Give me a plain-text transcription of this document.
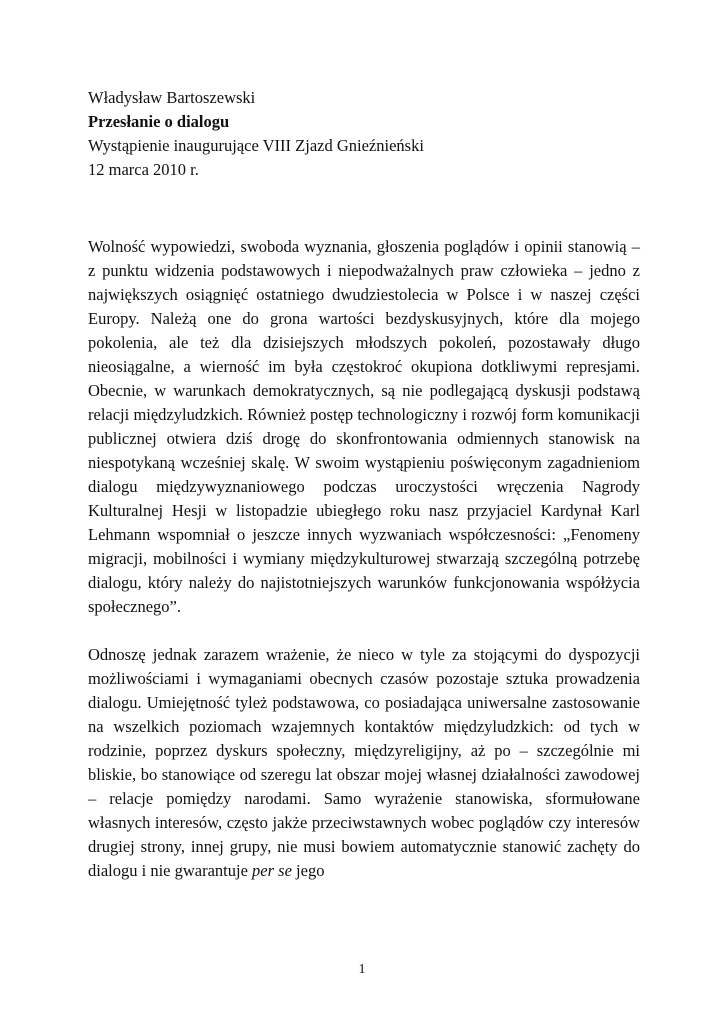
Władysław Bartoszewski
Przesłanie o dialogu
Wystąpienie inaugurujące VIII Zjazd Gnieźnieński
12 marca 2010 r.

Wolność wypowiedzi, swoboda wyznania, głoszenia poglądów i opinii stanowią – z punktu widzenia podstawowych i niepodważalnych praw człowieka – jedno z największych osiągnięć ostatniego dwudziestolecia w Polsce i w naszej części Europy. Należą one do grona wartości bezdyskusyjnych, które dla mojego pokolenia, ale też dla dzisiejszych młodszych pokoleń, pozostawały długo nieosiągalne, a wierność im była częstokroć okupiona dotkliwymi represjami. Obecnie, w warunkach demokratycznych, są nie podlegającą dyskusji podstawą relacji międzyludzkich. Również postęp technologiczny i rozwój form komunikacji publicznej otwiera dziś drogę do skonfrontowania odmiennych stanowisk na niespotykaną wcześniej skalę. W swoim wystąpieniu poświęconym zagadnieniom dialogu międzywyznaniowego podczas uroczystości wręczenia Nagrody Kulturalnej Hesji w listopadzie ubiegłego roku nasz przyjaciel Kardynał Karl Lehmann wspomniał o jeszcze innych wyzwaniach współczesności: „Fenomeny migracji, mobilności i wymiany międzykulturowej stwarzają szczególną potrzebę dialogu, który należy do najistotniejszych warunków funkcjonowania współżycia społecznego”.

Odnoszę jednak zarazem wrażenie, że nieco w tyle za stojącymi do dyspozycji możliwościami i wymaganiami obecnych czasów pozostaje sztuka prowadzenia dialogu. Umiejętność tyleż podstawowa, co posiadająca uniwersalne zastosowanie na wszelkich poziomach wzajemnych kontaktów międzyludzkich: od tych w rodzinie, poprzez dyskurs społeczny, międzyreligijny, aż po – szczególnie mi bliskie, bo stanowiące od szeregu lat obszar mojej własnej działalności zawodowej – relacje pomiędzy narodami. Samo wyrażenie stanowiska, sformułowane własnych interesów, często jakże przeciwstawnych wobec poglądów czy interesów drugiej strony, innej grupy, nie musi bowiem automatycznie stanowić zachęty do dialogu i nie gwarantuje per se jego

1
